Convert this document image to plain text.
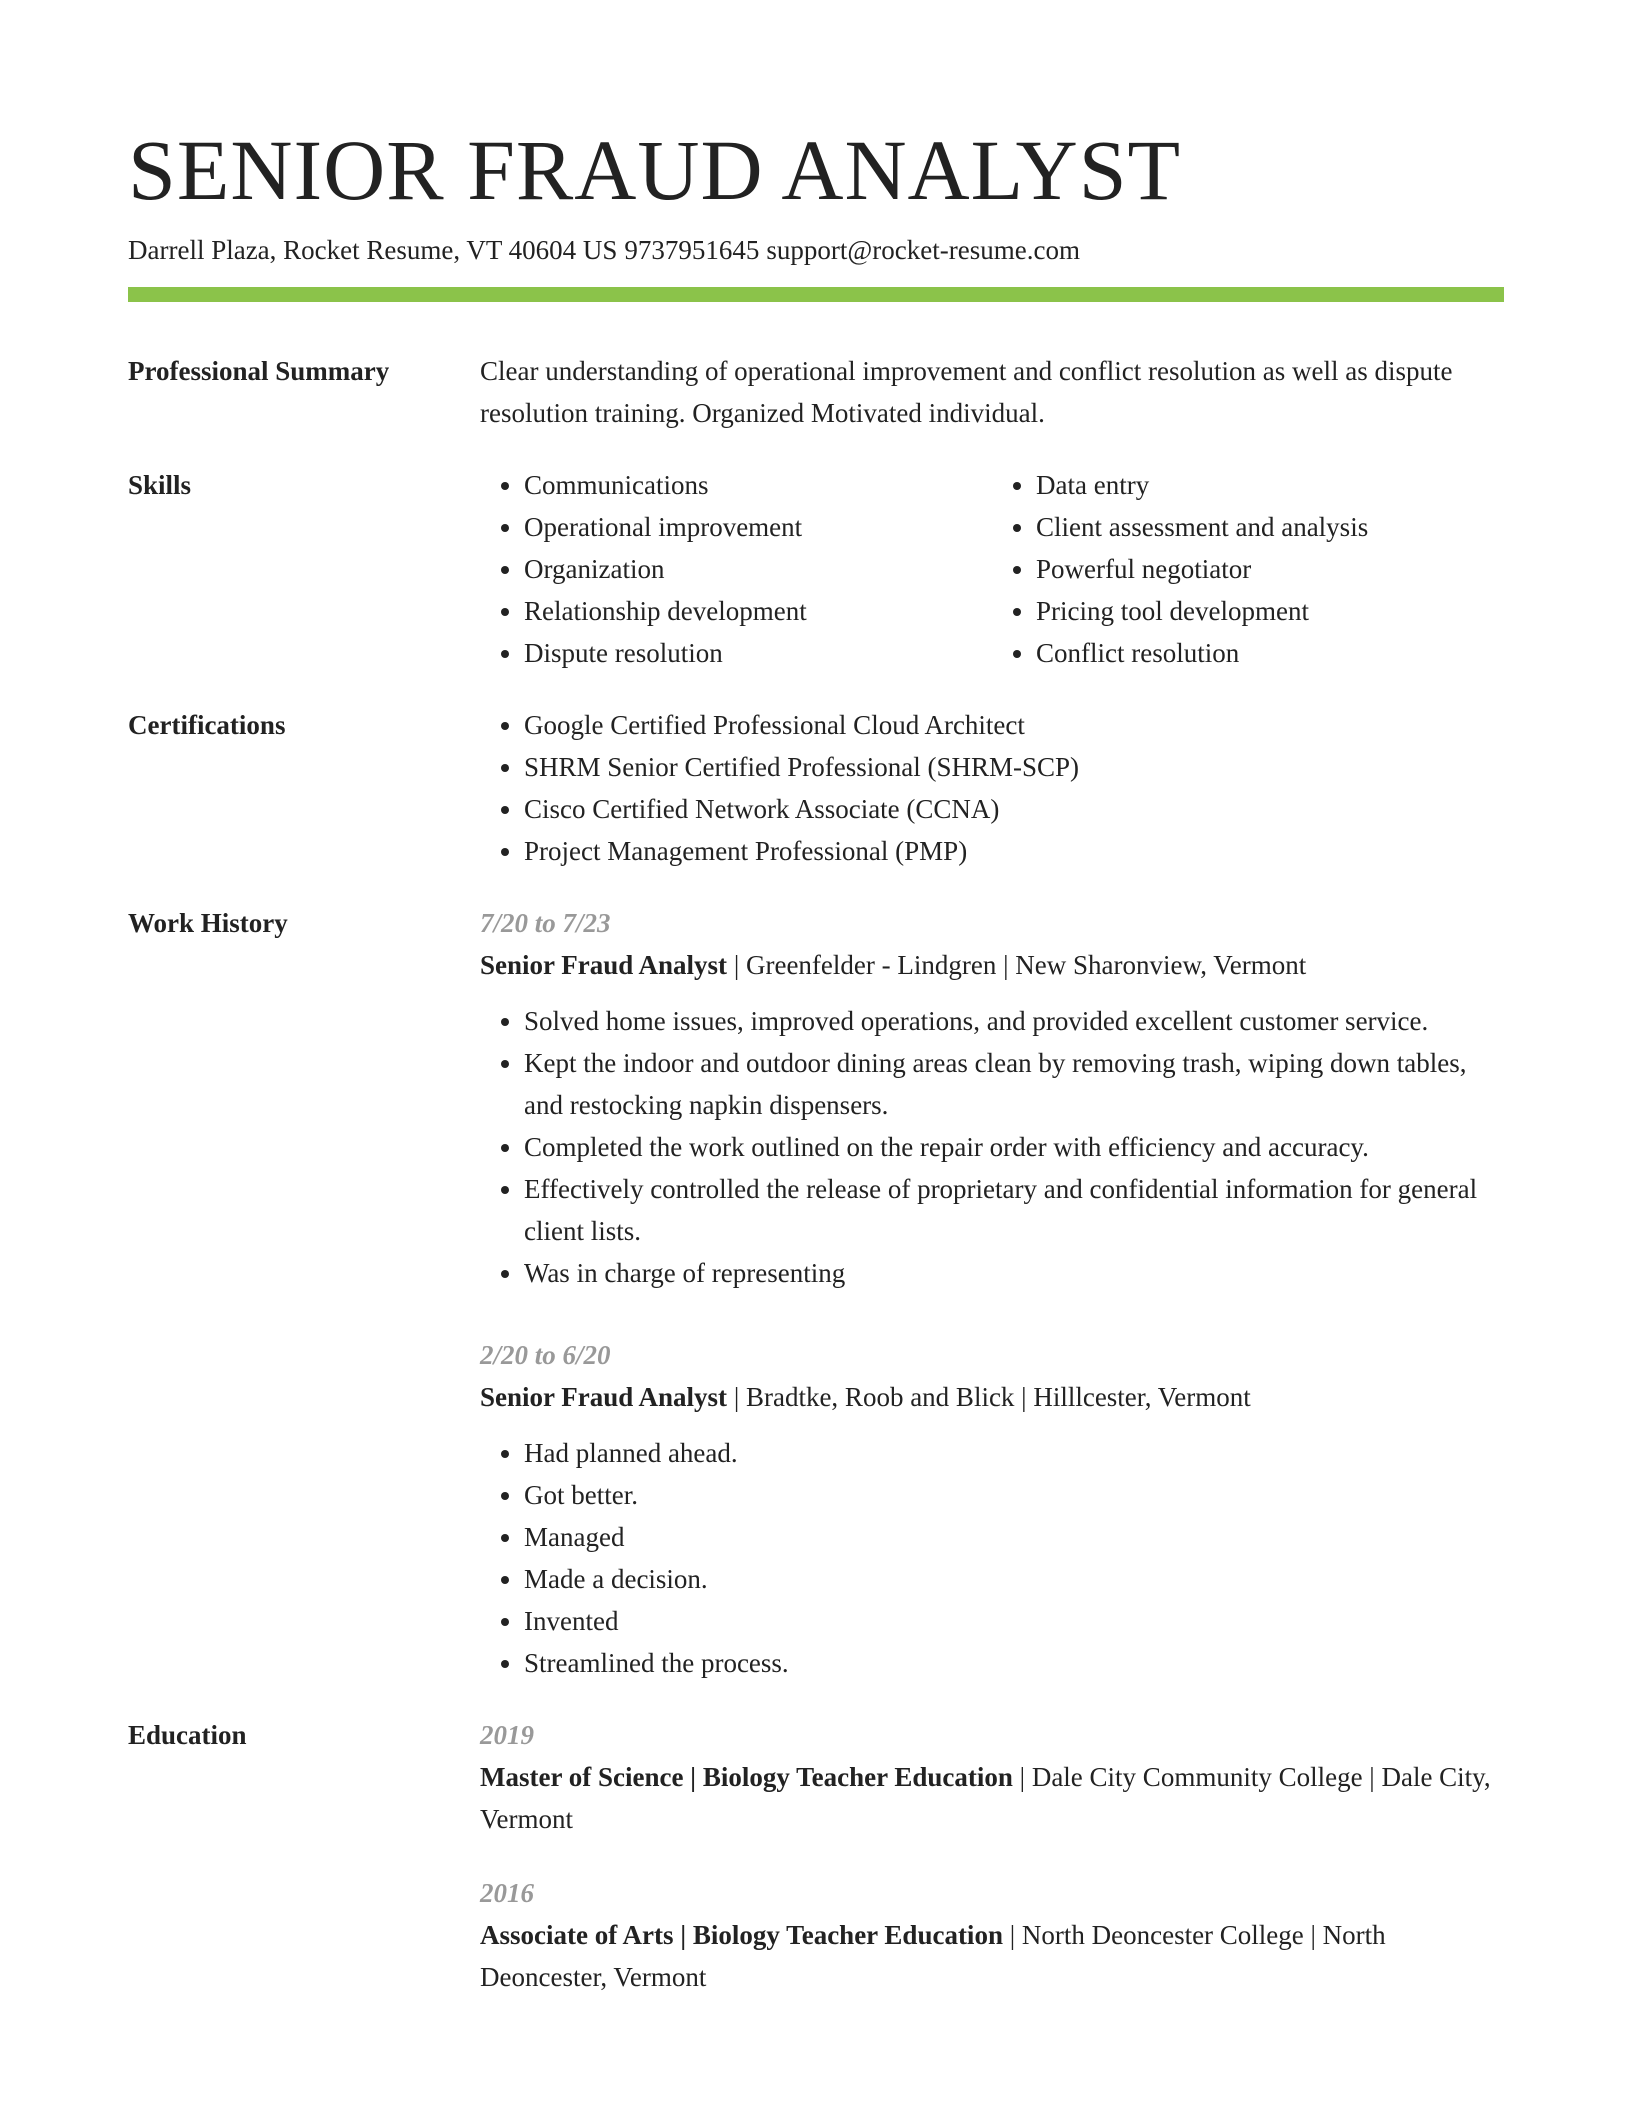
SENIOR FRAUD ANALYST
Darrell Plaza, Rocket Resume, VT 40604 US 9737951645 support@rocket-resume.com
Professional Summary	Clear understanding of operational improvement and conflict resolution as well as dispute resolution training. Organized Motivated individual.
Skills	• Communications
• Operational improvement
• Organization
• Relationship development
• Dispute resolution
• Data entry
• Client assessment and analysis
• Powerful negotiator
• Pricing tool development
• Conflict resolution
Certifications	• Google Certified Professional Cloud Architect
• SHRM Senior Certified Professional (SHRM-SCP)
• Cisco Certified Network Associate (CCNA)
• Project Management Professional (PMP)
Work History	7/20 to 7/23
Senior Fraud Analyst | Greenfelder - Lindgren | New Sharonview, Vermont
• Solved home issues, improved operations, and provided excellent customer service.
• Kept the indoor and outdoor dining areas clean by removing trash, wiping down tables, and restocking napkin dispensers.
• Completed the work outlined on the repair order with efficiency and accuracy.
• Effectively controlled the release of proprietary and confidential information for general client lists.
• Was in charge of representing
2/20 to 6/20
Senior Fraud Analyst | Bradtke, Roob and Blick | Hilllcester, Vermont
• Had planned ahead.
• Got better.
• Managed
• Made a decision.
• Invented
• Streamlined the process.
Education	2019
Master of Science | Biology Teacher Education | Dale City Community College | Dale City, Vermont
2016
Associate of Arts | Biology Teacher Education | North Deoncester College | North Deoncester, Vermont
